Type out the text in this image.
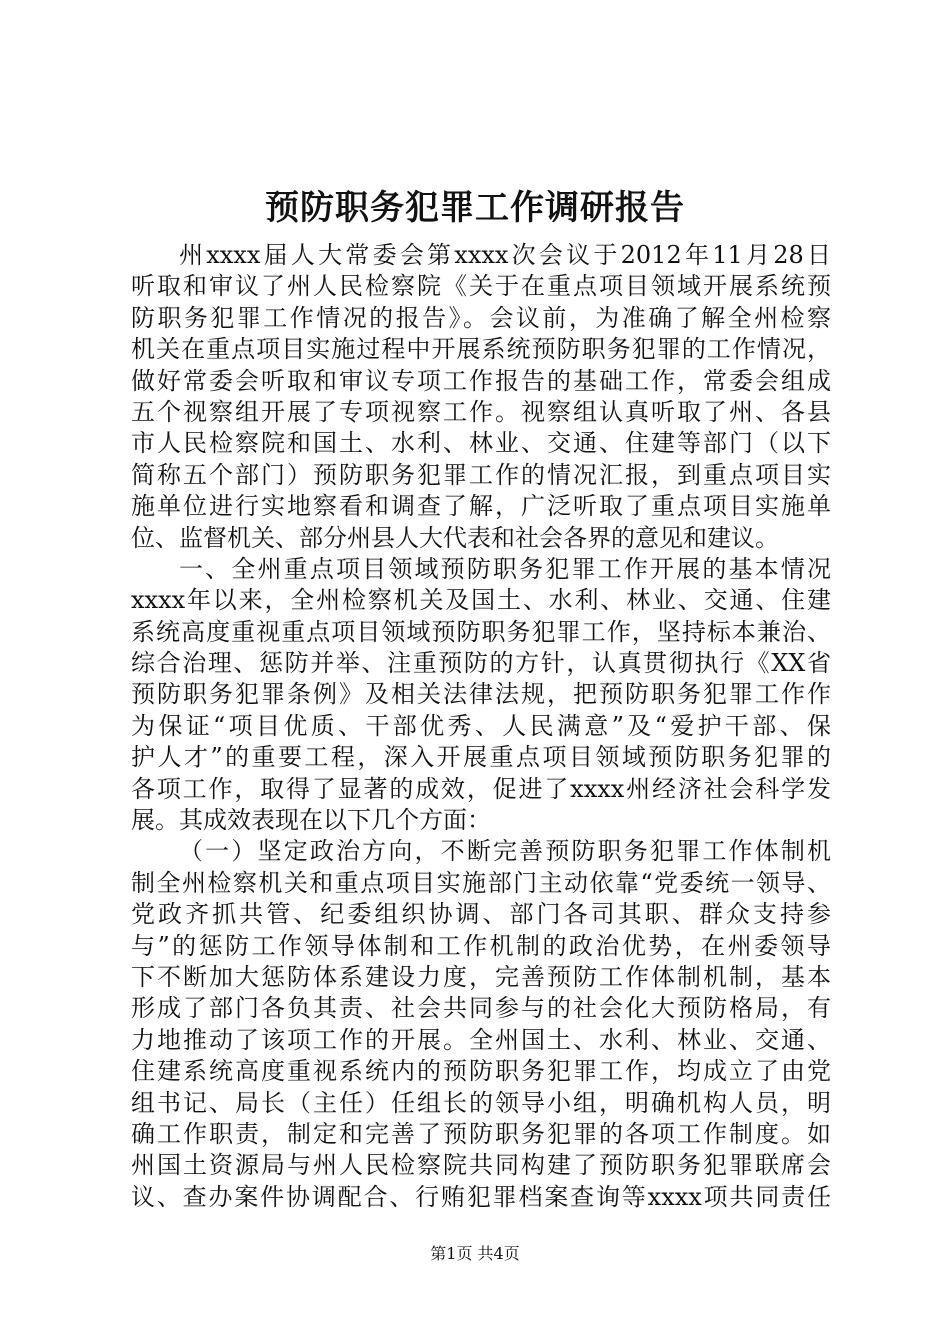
预防职务犯罪工作调研报告
州xxxx届人大常委会第xxxx次会议于2012年11月28日
听取和审议了州人民检察院《关于在重点项目领域开展系统预
防职务犯罪工作情况的报告》。会议前，为准确了解全州检察
机关在重点项目实施过程中开展系统预防职务犯罪的工作情况，
做好常委会听取和审议专项工作报告的基础工作，常委会组成
五个视察组开展了专项视察工作。视察组认真听取了州、各县
市人民检察院和国土、水利、林业、交通、住建等部门（以下
简称五个部门）预防职务犯罪工作的情况汇报，到重点项目实
施单位进行实地察看和调查了解，广泛听取了重点项目实施单
位、监督机关、部分州县人大代表和社会各界的意见和建议。
一、全州重点项目领域预防职务犯罪工作开展的基本情况
xxxx年以来，全州检察机关及国土、水利、林业、交通、住建
系统高度重视重点项目领域预防职务犯罪工作，坚持标本兼治、
综合治理、惩防并举、注重预防的方针，认真贯彻执行《XX省
预防职务犯罪条例》及相关法律法规，把预防职务犯罪工作作
为保证“项目优质、干部优秀、人民满意”及“爱护干部、保
护人才”的重要工程，深入开展重点项目领域预防职务犯罪的
各项工作，取得了显著的成效，促进了xxxx州经济社会科学发
展。其成效表现在以下几个方面：
（一）坚定政治方向，不断完善预防职务犯罪工作体制机
制全州检察机关和重点项目实施部门主动依靠“党委统一领导、
党政齐抓共管、纪委组织协调、部门各司其职、群众支持参
与”的惩防工作领导体制和工作机制的政治优势，在州委领导
下不断加大惩防体系建设力度，完善预防工作体制机制，基本
形成了部门各负其责、社会共同参与的社会化大预防格局，有
力地推动了该项工作的开展。全州国土、水利、林业、交通、
住建系统高度重视系统内的预防职务犯罪工作，均成立了由党
组书记、局长（主任）任组长的领导小组，明确机构人员，明
确工作职责，制定和完善了预防职务犯罪的各项工作制度。如
州国土资源局与州人民检察院共同构建了预防职务犯罪联席会
议、查办案件协调配合、行贿犯罪档案查询等xxxx项共同责任
第1页 共4页
